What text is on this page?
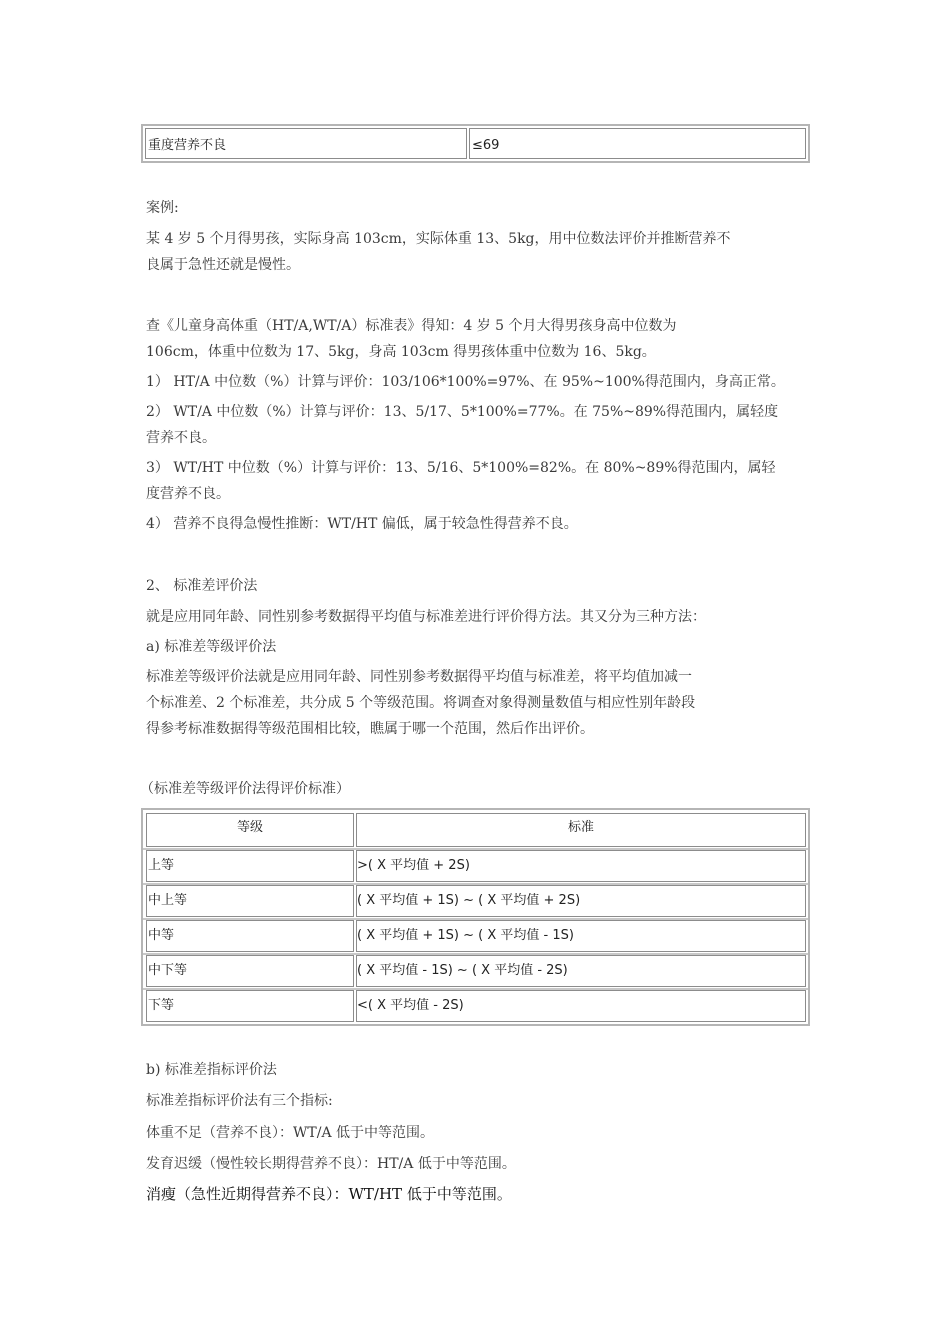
重度营养不良	≤69
案例:
某 4 岁 5 个月得男孩，实际身高 103cm，实际体重 13、5kg，用中位数法评价并推断营养不
良属于急性还就是慢性。
查《儿童身高体重（HT/A,WT/A）标准表》得知：4 岁 5 个月大得男孩身高中位数为
106cm，体重中位数为 17、5kg，身高 103cm 得男孩体重中位数为 16、5kg。
1） HT/A 中位数（%）计算与评价：103/106*100%=97%、在 95%~100%得范围内，身高正常。
2） WT/A 中位数（%）计算与评价：13、5/17、5*100%=77%。在 75%~89%得范围内，属轻度
营养不良。
3） WT/HT 中位数（%）计算与评价：13、5/16、5*100%=82%。在 80%~89%得范围内，属轻
度营养不良。
4） 营养不良得急慢性推断：WT/HT 偏低，属于较急性得营养不良。
2、 标准差评价法
就是应用同年龄、同性别参考数据得平均值与标准差进行评价得方法。其又分为三种方法：
a) 标准差等级评价法
标准差等级评价法就是应用同年龄、同性别参考数据得平均值与标准差，将平均值加减一
个标准差、2 个标准差，共分成 5 个等级范围。将调查对象得测量数值与相应性别年龄段
得参考标准数据得等级范围相比较，瞧属于哪一个范围，然后作出评价。
（标准差等级评价法得评价标准）
等级	标准
上等	>( X 平均值 + 2S)
中上等	( X 平均值 + 1S) ~ ( X 平均值 + 2S)
中等	( X 平均值 + 1S) ~ ( X 平均值 - 1S)
中下等	( X 平均值 - 1S) ~ ( X 平均值 - 2S)
下等	<( X 平均值 - 2S)
b) 标准差指标评价法
标准差指标评价法有三个指标:
体重不足（营养不良）：WT/A 低于中等范围。
发育迟缓（慢性较长期得营养不良）：HT/A 低于中等范围。
消瘦（急性近期得营养不良）：WT/HT 低于中等范围。
